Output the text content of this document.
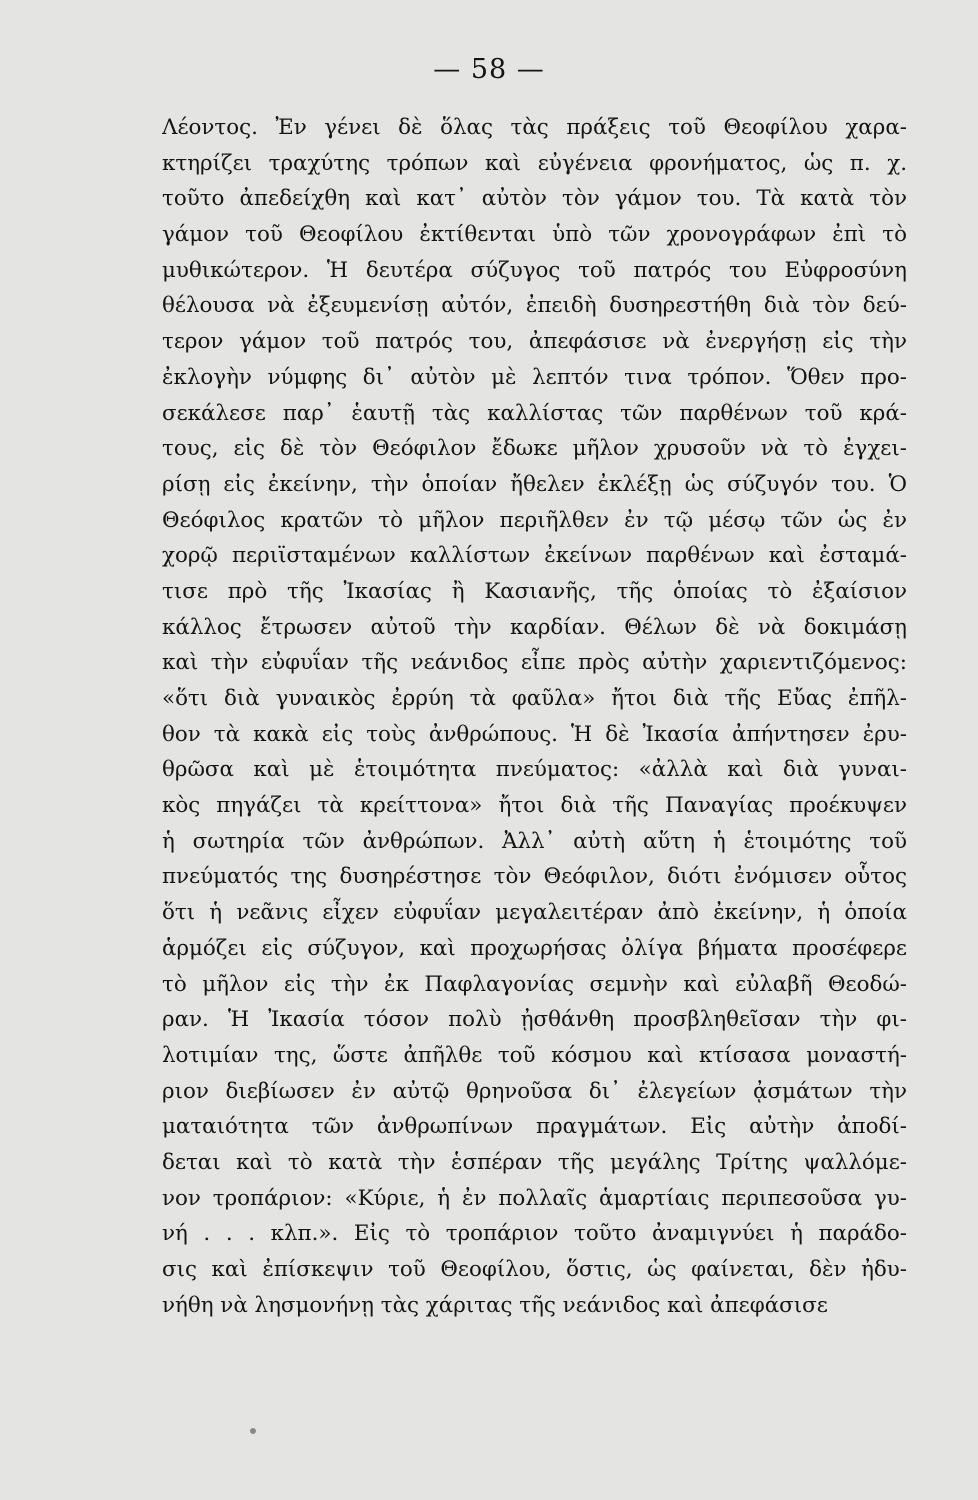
— 58 —
Λέοντος. Ἐν γένει δὲ ὅλας τὰς πράξεις τοῦ Θεοφίλου χαρα-
κτηρίζει τραχύτης τρόπων καὶ εὐγένεια φρονήματος, ὡς π. χ.
τοῦτο ἀπεδείχθη καὶ κατ᾿ αὐτὸν τὸν γάμον του. Τὰ κατὰ τὸν
γάμον τοῦ Θεοφίλου ἐκτίθενται ὑπὸ τῶν χρονογράφων ἐπὶ τὸ
μυθικώτερον. Ἡ δευτέρα σύζυγος τοῦ πατρός του Εὐφροσύνη
θέλουσα νὰ ἐξευμενίσῃ αὐτόν, ἐπειδὴ δυσηρεστήθη διὰ τὸν δεύ-
τερον γάμον τοῦ πατρός του, ἀπεφάσισε νὰ ἐνεργήσῃ εἰς τὴν
ἐκλογὴν νύμφης δι᾿ αὐτὸν μὲ λεπτόν τινα τρόπον. Ὅθεν προ-
σεκάλεσε παρ᾿ ἑαυτῇ τὰς καλλίστας τῶν παρθένων τοῦ κρά-
τους, εἰς δὲ τὸν Θεόφιλον ἔδωκε μῆλον χρυσοῦν νὰ τὸ ἐγχει-
ρίσῃ εἰς ἐκείνην, τὴν ὁποίαν ἤθελεν ἐκλέξῃ ὡς σύζυγόν του. Ὁ
Θεόφιλος κρατῶν τὸ μῆλον περιῆλθεν ἐν τῷ μέσῳ τῶν ὡς ἐν
χορῷ περιϊσταμένων καλλίστων ἐκείνων παρθένων καὶ ἐσταμά-
τισε πρὸ τῆς Ἰκασίας ἢ Κασιανῆς, τῆς ὁποίας τὸ ἐξαίσιον
κάλλος ἔτρωσεν αὐτοῦ τὴν καρδίαν. Θέλων δὲ νὰ δοκιμάσῃ
καὶ τὴν εὐφυΐαν τῆς νεάνιδος εἶπε πρὸς αὐτὴν χαριεντιζόμενος:
«ὅτι διὰ γυναικὸς ἐρρύη τὰ φαῦλα» ἤτοι διὰ τῆς Εὔας ἐπῆλ-
θον τὰ κακὰ εἰς τοὺς ἀνθρώπους. Ἡ δὲ Ἰκασία ἀπήντησεν ἐρυ-
θρῶσα καὶ μὲ ἑτοιμότητα πνεύματος: «ἀλλὰ καὶ διὰ γυναι-
κὸς πηγάζει τὰ κρείττονα» ἤτοι διὰ τῆς Παναγίας προέκυψεν
ἡ σωτηρία τῶν ἀνθρώπων. Ἀλλ᾿ αὐτὴ αὕτη ἡ ἑτοιμότης τοῦ
πνεύματός της δυσηρέστησε τὸν Θεόφιλον, διότι ἐνόμισεν οὗτος
ὅτι ἡ νεᾶνις εἶχεν εὐφυΐαν μεγαλειτέραν ἀπὸ ἐκείνην, ἡ ὁποία
ἁρμόζει εἰς σύζυγον, καὶ προχωρήσας ὀλίγα βήματα προσέφερε
τὸ μῆλον εἰς τὴν ἐκ Παφλαγονίας σεμνὴν καὶ εὐλαβῆ Θεοδώ-
ραν. Ἡ Ἰκασία τόσον πολὺ ᾐσθάνθη προσβληθεῖσαν τὴν φι-
λοτιμίαν της, ὥστε ἀπῆλθε τοῦ κόσμου καὶ κτίσασα μοναστή-
ριον διεβίωσεν ἐν αὐτῷ θρηνοῦσα δι᾿ ἐλεγείων ᾀσμάτων τὴν
ματαιότητα τῶν ἀνθρωπίνων πραγμάτων. Εἰς αὐτὴν ἀποδί-
δεται καὶ τὸ κατὰ τὴν ἑσπέραν τῆς μεγάλης Τρίτης ψαλλόμε-
νον τροπάριον: «Κύριε, ἡ ἐν πολλαῖς ἁμαρτίαις περιπεσοῦσα γυ-
νή . . . κλπ.». Εἰς τὸ τροπάριον τοῦτο ἀναμιγνύει ἡ παράδο-
σις καὶ ἐπίσκεψιν τοῦ Θεοφίλου, ὅστις, ὡς φαίνεται, δὲν ἠδυ-
νήθη νὰ λησμονήνῃ τὰς χάριτας τῆς νεάνιδος καὶ ἀπεφάσισε
